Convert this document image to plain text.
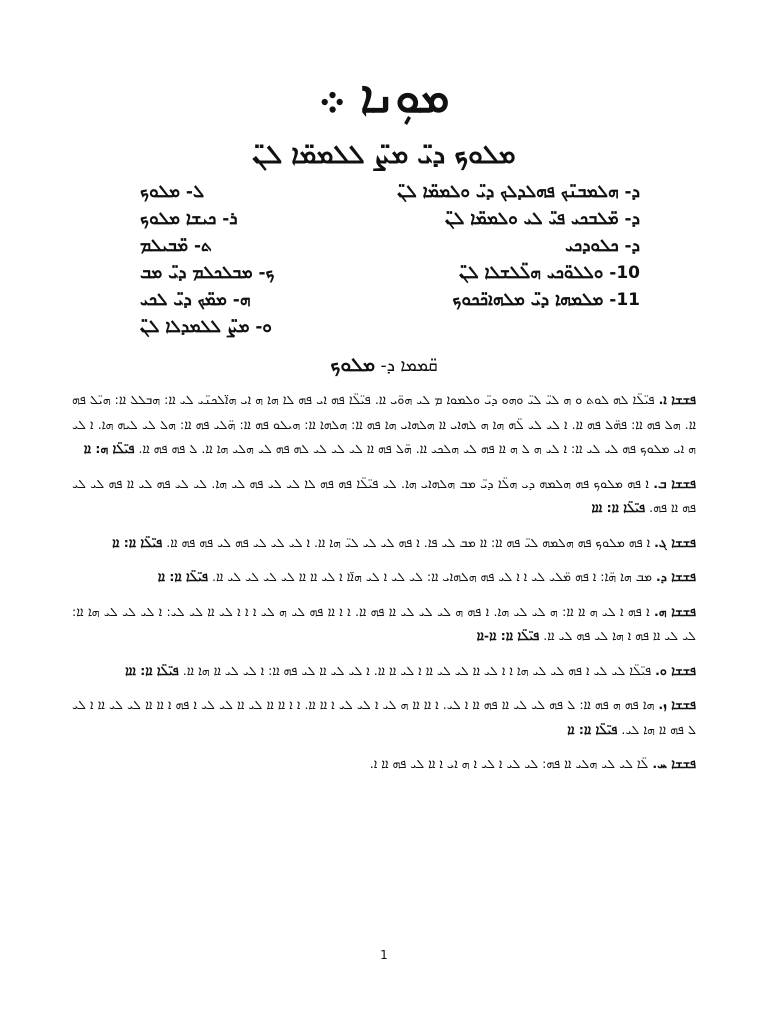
ܡܘܼܢܐ ܀
ܡܠܘܟ ܕܝ̈ ܡܨ̈ ܠܠܡܡ̈ܐ ܠܢ̈
ܕ- ܗܠܡܒܢ̈ܟ ܦܗܠܕܠܟ ܕܝ̈ ܘܠܡܡ̈ܐ ܠܢ̈
ܠ- ܡܠܘܟ
ܕ- ܡ̈ܠܒܟܝ ܦܝ̈ ܠܝ ܘܠܡܡ̈ܐ ܠܢ̈
ܪ- ܟܝܫܐ ܡܠܘܟ
ܕ- ܟܠܘܕܟܝ
ܬ- ܡ̈ܒܝܠܡ
10- ܘܠܠܘ̈ܟܝ ܗܠ̈ܠܫܠܐ ܠܢ̈
ܟ- ܡܒܠܟܠܡ ܕܝ̈ ܡܒ
11- ܡܠܡܗܐ ܕܝ̈ ܡܠܗܐܟ̈ܟܘܟ
ܗ- ܡܡ̈ܟ ܕܝ̈ ܠܟܝ
ܘ- ܡܨ̈ ܠܠܡܕܠܐ ܠܢ̈
ܩ̈ܡܡܐ ܕ- ܡܠܘܟ

ܦܫܫܐ ܐ. ܦܝ̈ܠ̈ܐ ܠܗ ܠܘܬ ܘ ܗ ܠܝ̈ ܠܝ̈ ܘܗܘ ܕܝ̈ ܘܠܡܘܐ ܡ ܠܝ ܗܘ̈ܝ ܐܐ. ܦܝ̈ܠ̈ܐ ܦܗ ܐܝ ܦܗ ܠܐ ܗܐ ܗ ܐܝ ܗܐ̈ܠܟܢ̈ܝ ܠܝ ܐܐ: ܗܒܠܠ ܐܐ: ܗܝ̈ܠ ܦܗ ܐܐ. ܗܠ ܦܗ ܐܐ: ܦܗ̈ܠ ܦܗ ܐܐ. ܐ ܠܝ ܠܝ ܠ̈ܗ ܗܐ ܗ ܠܗܐܝ ܐܐ ܗܠܗܐܝ ܗܐ ܦܗ ܐܐ: ܗܠܗܐ ܐܐ: ܗܝܠܘ ܦܗ ܐܐ: ܗ̈ܠܝ ܦܗ ܐܐ: ܗܠ ܠܝ ܠܝܗ ܗܐ. ܐ ܠܝ ܗ ܐܝ ܡܠܘܟ ܦܗ ܠܝ ܠܝ ܐܐ: ܐ ܠܝ ܗ ܠ ܗ ܐܐ ܦܗ ܠܝ ܗܠܟܝ ܐܐ. ܗ̈ܠ ܦܗ ܐܐ ܠܝ ܠܝ ܠܝ ܠܗ ܦܗ ܠܝ ܗܠܝ ܗܐ ܐܐ. ܠ ܦܗ ܦܗ ܐܐ. ܦܝ̈ܠ̈ܐ ܗ: ܐܐ

ܦܫܫܐ ܒ. ܐ ܦܗ ܡܠܘܟ ܦܗ ܗܠܡܗ ܕܝ ܗܠ̈ܐ ܕܝ̈ ܡܒ ܗܠܗܐܝ ܗܐ. ܠܝ ܦܝ̈ܠ̈ܐ ܦܗ ܦܗ ܠܐ ܠܝ ܠܝ ܦܗ ܠܝ ܗܐ. ܠܝ ܠܝ ܦܗ ܠܝ ܐܐ ܦܗ ܠܝ ܠܝ ܦܗ ܐܐ ܦܗ. ܦܝ̈ܠ̈ܐ ܐܐ: ܐܐܐ

ܦܫܫܐ ܓ. ܐ ܦܗ ܡܠܘܟ ܦܗ ܗܠܡܗ ܠܝ̈ ܦܗ ܐܐ: ܐܐ ܡܒ ܠܝ ܦܐ. ܐ ܦܗ ܠܝ ܠܝ ܠܝ̈ ܗܐ ܐܐ. ܐ ܠܝ ܠܝ ܠܝ ܦܗ ܠܝ ܦܗ ܦܗ ܐܐ. ܦܝ̈ܠ̈ܐ ܐܐ: ܐܐ

ܦܫܫܐ ܕ. ܡܒ ܗܐ ܗ̈ܐ: ܐ ܦܗ ܡ̈ܠܝ ܠܝ ܐ ܐ ܠܝ ܦܗ ܗܠܗܐܝ ܐܐ: ܠܝ ܠܝ ܐ ܠܝ ܗܐ̈ܐ ܐ ܠܝ ܐܐ ܐܐ ܠܝ ܠܝ ܠܝ ܠܝ ܐܐ. ܦܝ̈ܠ̈ܐ ܐܐ: ܐܐ

ܦܫܫܐ ܗ. ܐ ܦܗ ܐ ܠܝ ܗ ܐܐ ܐܐ: ܗ ܠܝ ܠܝ ܗܐ. ܐ ܦܗ ܗ ܠܝ ܠܝ ܠܝ ܐܐ ܦܗ ܐܐ. ܐ ܐ ܐܐ ܦܗ ܠܝ ܗ ܠܝ ܐ ܐ ܐ ܠܝ ܐܐ ܠܝ ܠܝ: ܐ ܠܝ ܠܝ ܠܝ ܗܐ ܐܐ: ܠܝ ܠܝ ܐܐ ܦܗ ܐ ܗܐ ܠܝ ܦܗ ܠܝ ܐܐ. ܦܝ̈ܠ̈ܐ ܐܐ: ܐܐ-ܐܐ

ܦܫܫܐ ܘ. ܦܝ̈ܠ̈ܐ ܠܝ ܠܝ ܐ ܦܗ ܠܝ ܠܝ ܗܐ ܐ ܐ ܠܝ ܐܐ ܠܝ ܠܝ ܐܐ ܐ ܠܝ ܐܐ ܐܐ. ܐ ܠܝ ܠܝ ܐܐ ܠܝ ܦܗ ܐܐ: ܐ ܠܝ ܠܝ ܐܐ ܗܐ ܐܐ. ܦܝ̈ܠ̈ܐ ܐܐ: ܐܐܐ

ܦܫܫܐ ܙ. ܗܐ ܦܗ ܗ ܦܗ ܐܐ: ܠ ܦܗ ܠܝ ܠܝ ܐܐ ܦܗ ܐܐ ܐ ܠܝ. ܐ ܐܐ ܐܐ ܗ ܠܝ ܐ ܠܝ ܠܝ ܐ ܐܐ ܐܐ. ܐ ܐ ܐܐ ܐܐ ܠܝ ܐܐ ܠܝ ܠܝ ܐ ܦܗ ܐ ܐܐ ܐܐ ܠܝ ܠܝ ܐܐ ܐ ܠܝ ܠ ܦܗ ܐܐ ܗܐ ܠܝ. ܦܝ̈ܠ̈ܐ ܐܐ: ܐܐ

ܦܫܫܐ ܚ. ܠ̈ܐ ܠܝ ܠܝ ܗܠܝ ܐܐ ܦܗ: ܠܝ ܠܝ ܐ ܠܝ ܐ ܗ ܐܝ ܐ ܐܐ ܠܝ ܦܗ ܐܐ ܐ.

1
